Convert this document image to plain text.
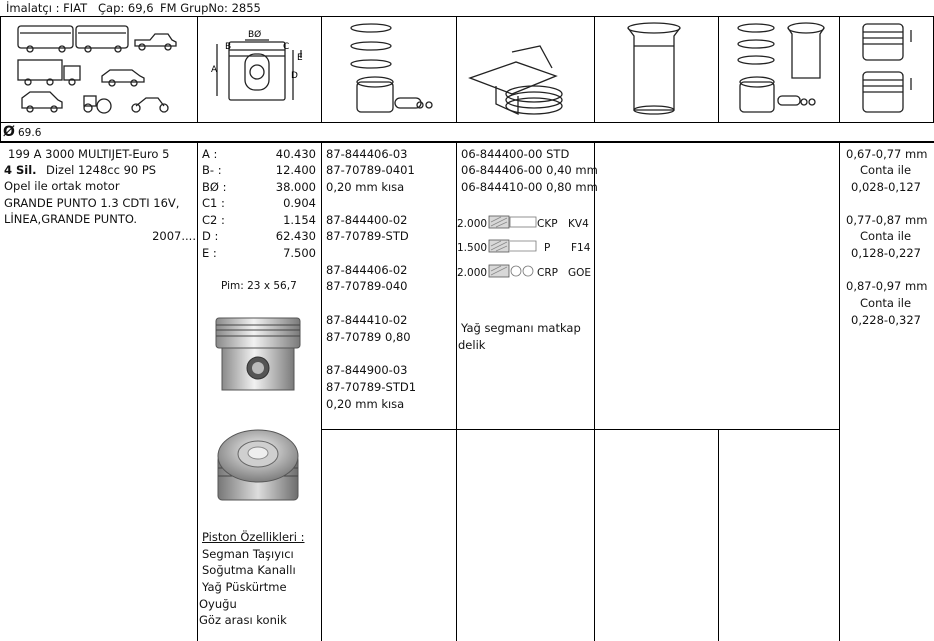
İmalatçı : FIAT Çap: 69,6 FM GrupNo: 2855
BØ
B
A
C
E
D
Ø 69.6
199 A 3000 MULTIJET-Euro 5
4 Sil. Dizel 1248cc 90 PS
Opel ile ortak motor
GRANDE PUNTO 1.3 CDTI 16V,
LİNEA,GRANDE PUNTO.
2007....
A :	40.430
B- :	12.400
BØ :	38.000
C1 :	0.904
C2 :	1.154
D :	62.430
E :	7.500
Pim: 23 x 56,7
Piston Özellikleri :
Segman Taşıyıcı
Soğutma Kanallı
Yağ Püskürtme
Oyuğu
Göz arası konik
87-844406-03
87-70789-0401
0,20 mm kısa
87-844400-02
87-70789-STD
87-844406-02
87-70789-040
87-844410-02
87-70789 0,80
87-844900-03
87-70789-STD1
0,20 mm kısa
06-844400-00 STD
06-844406-00 0,40 mm
06-844410-00 0,80 mm
2.000	CKP KV4
1.500	P F14
2.000	CRP GOE
Yağ segmanı matkap
delik
0,67-0,77 mm
Conta ile
0,028-0,127
0,77-0,87 mm
Conta ile
0,128-0,227
0,87-0,97 mm
Conta ile
0,228-0,327
